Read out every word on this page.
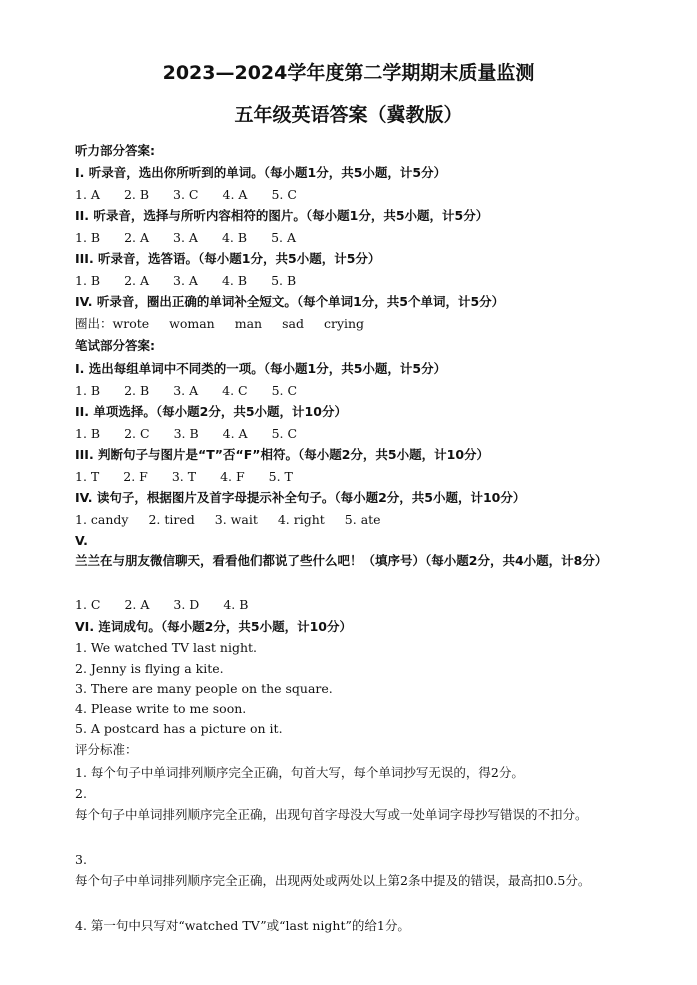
2023—2024学年度第二学期期末质量监测
五年级英语答案（冀教版）
听力部分答案:
I. 听录音，选出你所听到的单词。（每小题1分，共5小题，计5分）
1. A 2. B 3. C 4. A 5. C
II. 听录音，选择与所听内容相符的图片。（每小题1分，共5小题，计5分）
1. B 2. A 3. A 4. B 5. A
III. 听录音，选答语。（每小题1分，共5小题，计5分）
1. B 2. A 3. A 4. B 5. B
IV. 听录音，圈出正确的单词补全短文。（每个单词1分，共5个单词，计5分）
圈出：wrote woman man sad crying
笔试部分答案:
I. 选出每组单词中不同类的一项。（每小题1分，共5小题，计5分）
1. B 2. B 3. A 4. C 5. C
II. 单项选择。（每小题2分，共5小题，计10分）
1. B 2. C 3. B 4. A 5. C
III. 判断句子与图片是“T”否“F”相符。（每小题2分，共5小题，计10分）
1. T 2. F 3. T 4. F 5. T
IV. 读句子，根据图片及首字母提示补全句子。（每小题2分，共5小题，计10分）
1. candy 2. tired 3. wait 4. right 5. ate
V.
兰兰在与朋友微信聊天，看看他们都说了些什么吧！（填序号）（每小题2分，共4小题，计8分）
1. C 2. A 3. D 4. B
VI. 连词成句。（每小题2分，共5小题，计10分）
1. We watched TV last night.
2. Jenny is flying a kite.
3. There are many people on the square.
4. Please write to me soon.
5. A postcard has a picture on it.
评分标准：
1. 每个句子中单词排列顺序完全正确，句首大写，每个单词抄写无误的，得2分。
2.
每个句子中单词排列顺序完全正确，出现句首字母没大写或一处单词字母抄写错误的不扣分。
3.
每个句子中单词排列顺序完全正确，出现两处或两处以上第2条中提及的错误，最高扣0.5分。
4. 第一句中只写对“watched TV”或“last night”的给1分。
